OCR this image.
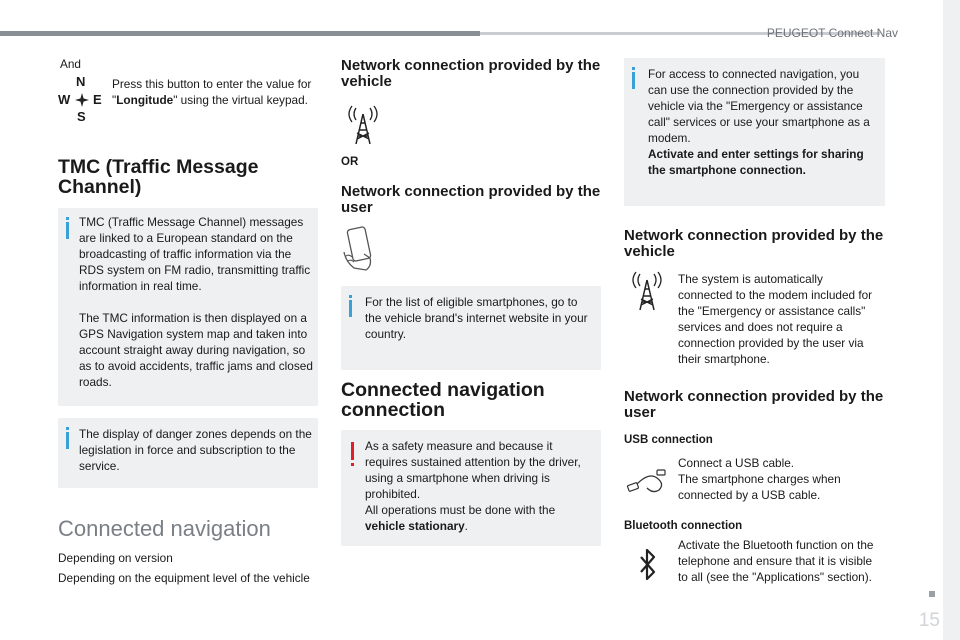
PEUGEOT Connect Nav
15
And
N
W E
S
Press this button to enter the value for "Longitude" using the virtual keypad.
TMC (Traffic Message Channel)
TMC (Traffic Message Channel) messages are linked to a European standard on the broadcasting of traffic information via the RDS system on FM radio, transmitting traffic information in real time.
The TMC information is then displayed on a GPS Navigation system map and taken into account straight away during navigation, so as to avoid accidents, traffic jams and closed roads.
The display of danger zones depends on the legislation in force and subscription to the service.
Connected navigation
Depending on version
Depending on the equipment level of the vehicle
Network connection provided by the vehicle
OR
Network connection provided by the user
For the list of eligible smartphones, go to the vehicle brand's internet website in your country.
Connected navigation connection
As a safety measure and because it requires sustained attention by the driver, using a smartphone when driving is prohibited.
All operations must be done with the vehicle stationary.
For access to connected navigation, you can use the connection provided by the vehicle via the "Emergency or assistance call" services or use your smartphone as a modem.
Activate and enter settings for sharing the smartphone connection.
Network connection provided by the vehicle
The system is automatically connected to the modem included for the "Emergency or assistance calls" services and does not require a connection provided by the user via their smartphone.
Network connection provided by the user
USB connection
Connect a USB cable.
The smartphone charges when connected by a USB cable.
Bluetooth connection
Activate the Bluetooth function on the telephone and ensure that it is visible to all (see the "Applications" section).
